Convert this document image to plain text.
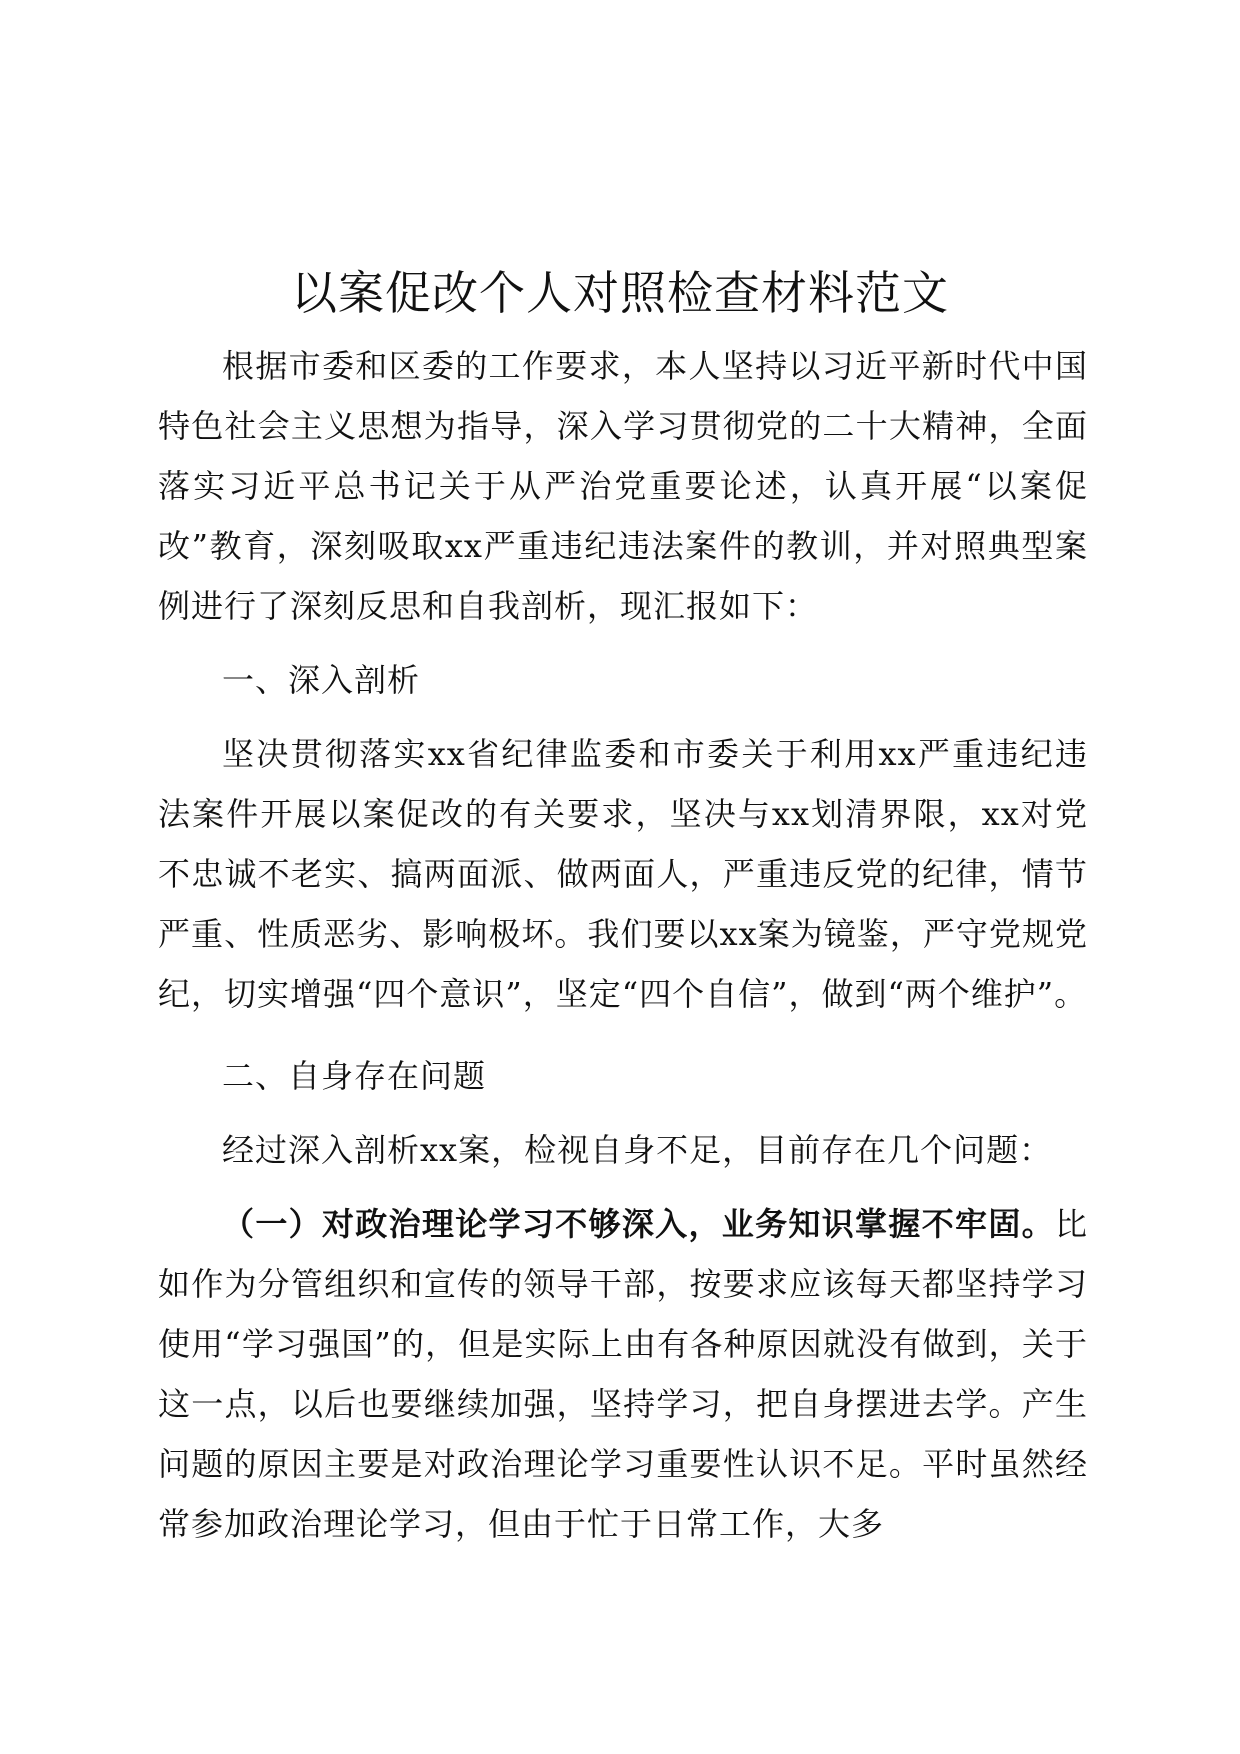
以案促改个人对照检查材料范文

根据市委和区委的工作要求，本人坚持以习近平新时代中国特色社会主义思想为指导，深入学习贯彻党的二十大精神，全面落实习近平总书记关于从严治党重要论述，认真开展“以案促改”教育，深刻吸取xx严重违纪违法案件的教训，并对照典型案例进行了深刻反思和自我剖析，现汇报如下：

一、深入剖析

坚决贯彻落实xx省纪律监委和市委关于利用xx严重违纪违法案件开展以案促改的有关要求，坚决与xx划清界限，xx对党不忠诚不老实、搞两面派、做两面人，严重违反党的纪律，情节严重、性质恶劣、影响极坏。我们要以xx案为镜鉴，严守党规党纪，切实增强“四个意识”，坚定“四个自信”，做到“两个维护”。

二、自身存在问题

经过深入剖析xx案，检视自身不足，目前存在几个问题：

（一）对政治理论学习不够深入，业务知识掌握不牢固。比如作为分管组织和宣传的领导干部，按要求应该每天都坚持学习使用“学习强国”的，但是实际上由有各种原因就没有做到，关于这一点，以后也要继续加强，坚持学习，把自身摆进去学。产生问题的原因主要是对政治理论学习重要性认识不足。平时虽然经常参加政治理论学习，但由于忙于日常工作，大多
